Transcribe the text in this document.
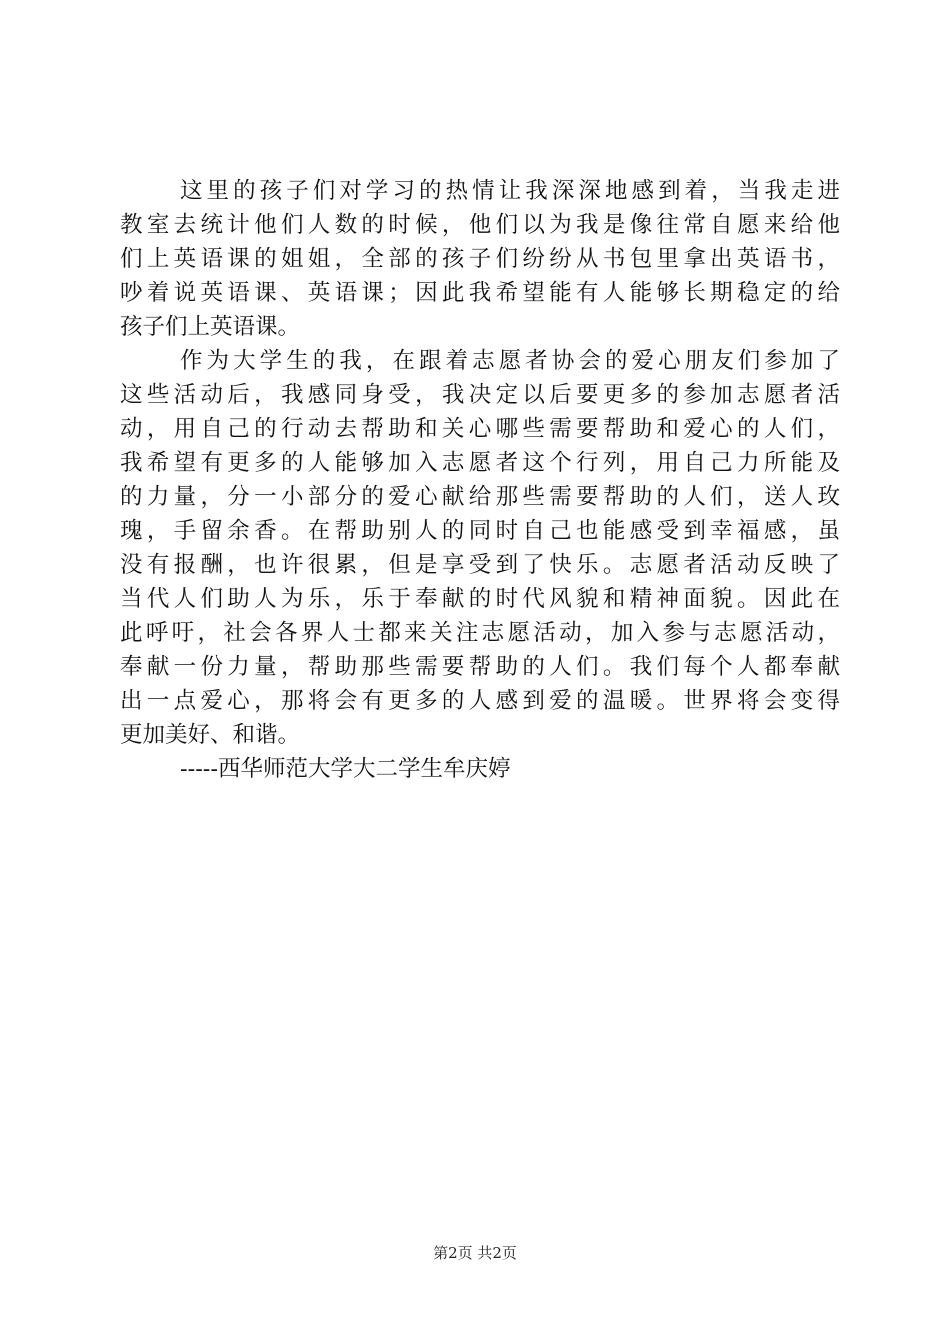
这里的孩子们对学习的热情让我深深地感到着，当我走进
教室去统计他们人数的时候，他们以为我是像往常自愿来给他
们上英语课的姐姐，全部的孩子们纷纷从书包里拿出英语书，
吵着说英语课、英语课；因此我希望能有人能够长期稳定的给
孩子们上英语课。
作为大学生的我，在跟着志愿者协会的爱心朋友们参加了
这些活动后，我感同身受，我决定以后要更多的参加志愿者活
动，用自己的行动去帮助和关心哪些需要帮助和爱心的人们，
我希望有更多的人能够加入志愿者这个行列，用自己力所能及
的力量，分一小部分的爱心献给那些需要帮助的人们，送人玫
瑰，手留余香。在帮助别人的同时自己也能感受到幸福感，虽
没有报酬，也许很累，但是享受到了快乐。志愿者活动反映了
当代人们助人为乐，乐于奉献的时代风貌和精神面貌。因此在
此呼吁，社会各界人士都来关注志愿活动，加入参与志愿活动，
奉献一份力量，帮助那些需要帮助的人们。我们每个人都奉献
出一点爱心，那将会有更多的人感到爱的温暖。世界将会变得
更加美好、和谐。
-----西华师范大学大二学生牟庆婷
第2页 共2页
